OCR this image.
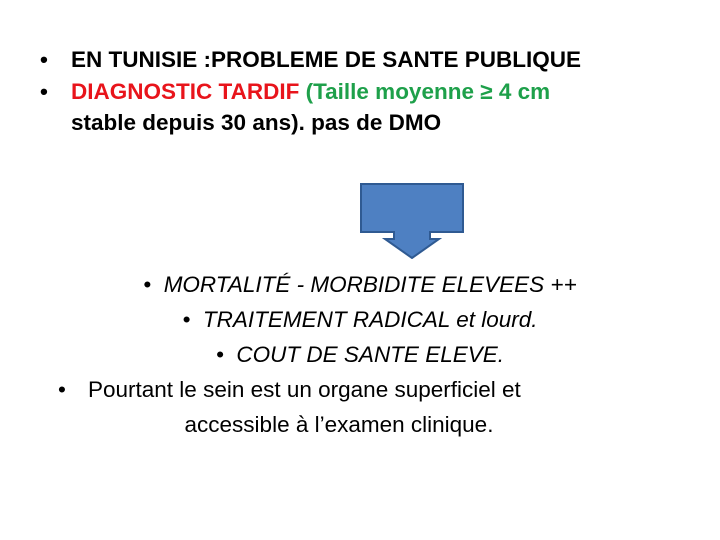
• EN TUNISIE :PROBLEME DE SANTE PUBLIQUE
• DIAGNOSTIC TARDIF (Taille moyenne ≥ 4 cm
stable depuis 30 ans). pas de DMO
• MORTALITÉ - MORBIDITE ELEVEES ++
• TRAITEMENT RADICAL et lourd.
• COUT DE SANTE ELEVE.
• Pourtant le sein est un organe superficiel et
accessible à l’examen clinique.
